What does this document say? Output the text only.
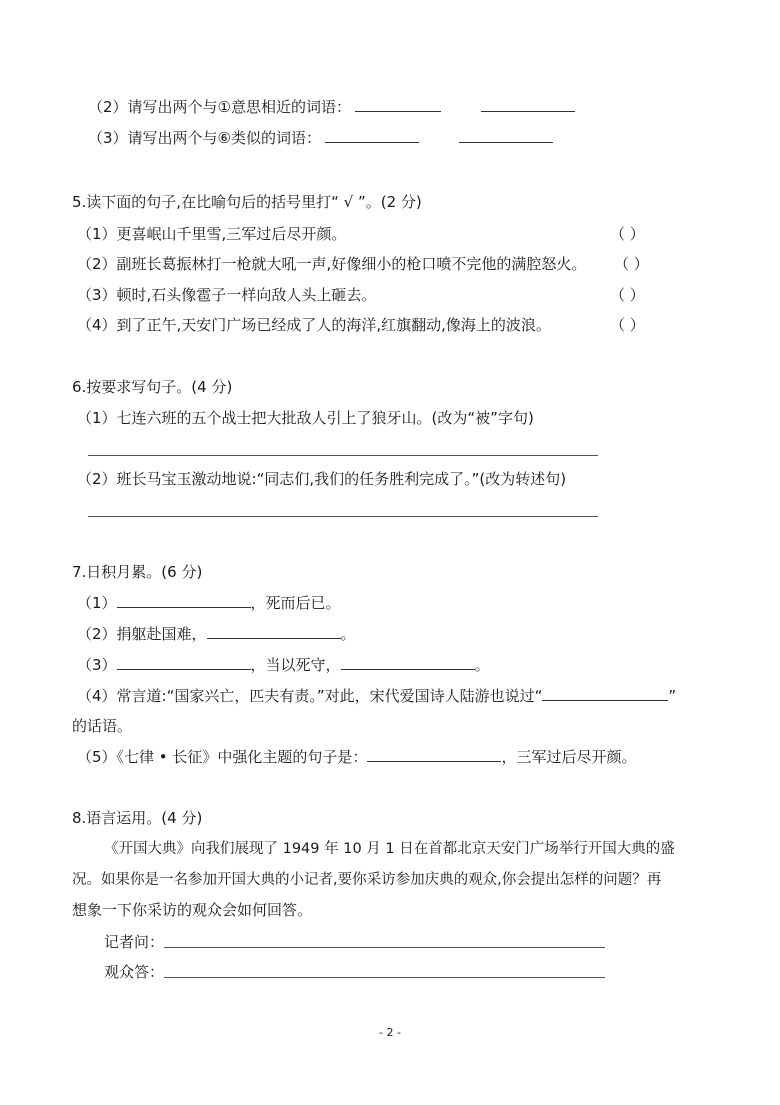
（2）请写出两个与①意思相近的词语：
（3）请写出两个与⑥类似的词语：
5.读下面的句子,在比喻句后的括号里打“ √ ”。(2 分)
（1）更喜岷山千里雪,三军过后尽开颜。	（ ）
（2）副班长葛振林打一枪就大吼一声,好像细小的枪口喷不完他的满腔怒火。 （ ）
（3）顿时,石头像雹子一样向敌人头上砸去。	（ ）
（4）到了正午,天安门广场已经成了人的海洋,红旗翻动,像海上的波浪。	（ ）
6.按要求写句子。(4 分)
（1）七连六班的五个战士把大批敌人引上了狼牙山。(改为“被”字句)
（2）班长马宝玉激动地说:“同志们,我们的任务胜利完成了。”(改为转述句)
7.日积月累。(6 分)
（1）	，死而后已。
（2）捐躯赴国难，	。
（3）	，当以死守，	。
（4）常言道:“国家兴亡，匹夫有责。”对此，宋代爱国诗人陆游也说过“	”
的话语。
（5）《七律 • 长征》中强化主题的句子是：	，三军过后尽开颜。
8.语言运用。(4 分)
《开国大典》向我们展现了 1949 年 10 月 1 日在首都北京天安门广场举行开国大典的盛
况。如果你是一名参加开国大典的小记者,要你采访参加庆典的观众,你会提出怎样的问题？再
想象一下你采访的观众会如何回答。
记者问：
观众答：
- 2 -
